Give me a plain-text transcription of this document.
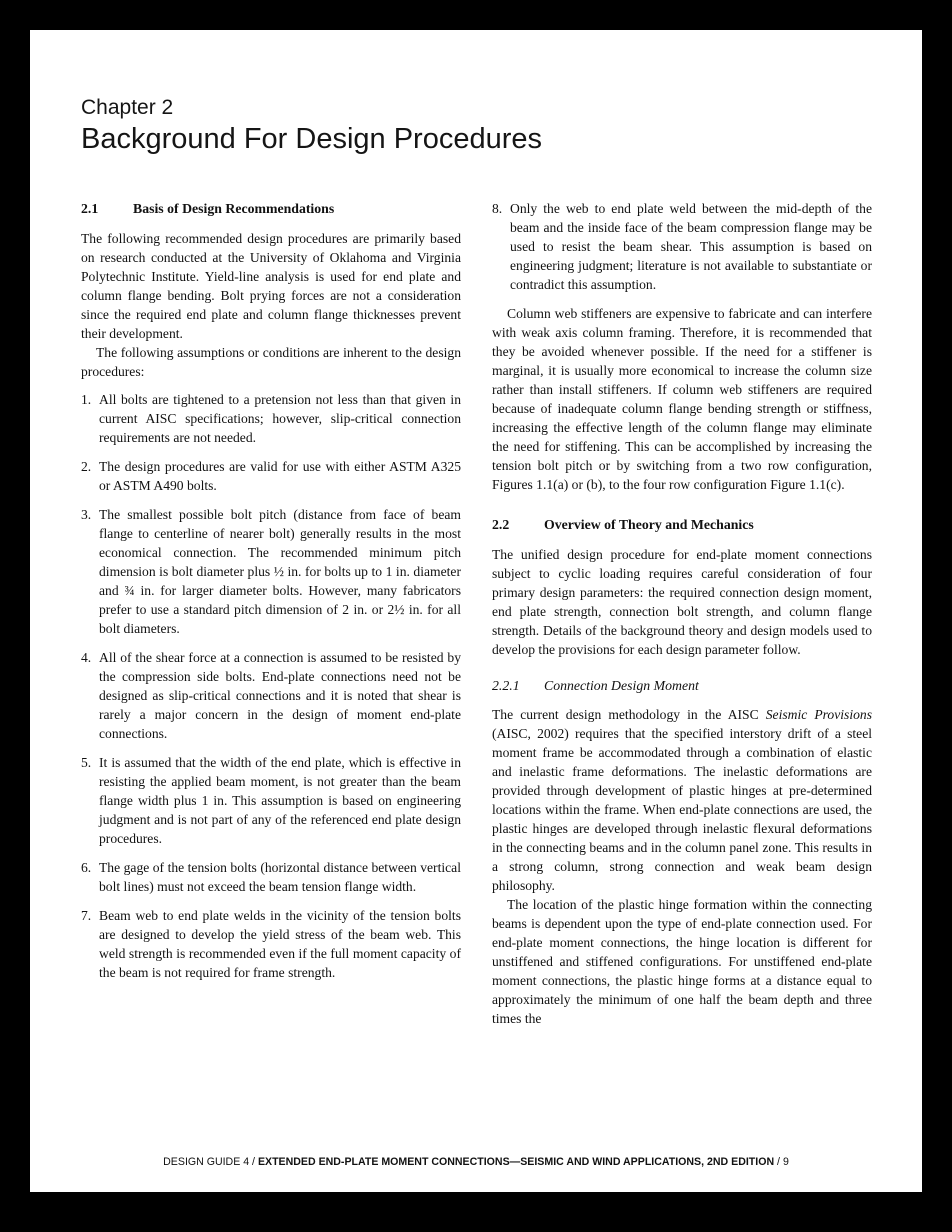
Chapter 2
Background For Design Procedures
2.1	Basis of Design Recommendations

The following recommended design procedures are primarily based on research conducted at the University of Oklahoma and Virginia Polytechnic Institute. Yield-line analysis is used for end plate and column flange bending. Bolt prying forces are not a consideration since the required end plate and column flange thicknesses prevent their development.

The following assumptions or conditions are inherent to the design procedures:

1. All bolts are tightened to a pretension not less than that given in current AISC specifications; however, slip-critical connection requirements are not needed.
2. The design procedures are valid for use with either ASTM A325 or ASTM A490 bolts.
3. The smallest possible bolt pitch (distance from face of beam flange to centerline of nearer bolt) generally results in the most economical connection. The recommended minimum pitch dimension is bolt diameter plus ½ in. for bolts up to 1 in. diameter and ¾ in. for larger diameter bolts. However, many fabricators prefer to use a standard pitch dimension of 2 in. or 2½ in. for all bolt diameters.
4. All of the shear force at a connection is assumed to be resisted by the compression side bolts. End-plate connections need not be designed as slip-critical connections and it is noted that shear is rarely a major concern in the design of moment end-plate connections.
5. It is assumed that the width of the end plate, which is effective in resisting the applied beam moment, is not greater than the beam flange width plus 1 in. This assumption is based on engineering judgment and is not part of any of the referenced end plate design procedures.
6. The gage of the tension bolts (horizontal distance between vertical bolt lines) must not exceed the beam tension flange width.
7. Beam web to end plate welds in the vicinity of the tension bolts are designed to develop the yield stress of the beam web. This weld strength is recommended even if the full moment capacity of the beam is not required for frame strength.
8. Only the web to end plate weld between the mid-depth of the beam and the inside face of the beam compression flange may be used to resist the beam shear. This assumption is based on engineering judgment; literature is not available to substantiate or contradict this assumption.

Column web stiffeners are expensive to fabricate and can interfere with weak axis column framing. Therefore, it is recommended that they be avoided whenever possible. If the need for a stiffener is marginal, it is usually more economical to increase the column size rather than install stiffeners. If column web stiffeners are required because of inadequate column flange bending strength or stiffness, increasing the effective length of the column flange may eliminate the need for stiffening. This can be accomplished by increasing the tension bolt pitch or by switching from a two row configuration, Figures 1.1(a) or (b), to the four row configuration Figure 1.1(c).

2.2	Overview of Theory and Mechanics

The unified design procedure for end-plate moment connections subject to cyclic loading requires careful consideration of four primary design parameters: the required connection design moment, end plate strength, connection bolt strength, and column flange strength. Details of the background theory and design models used to develop the provisions for each design parameter follow.

2.2.1 Connection Design Moment

The current design methodology in the AISC Seismic Provisions (AISC, 2002) requires that the specified interstory drift of a steel moment frame be accommodated through a combination of elastic and inelastic frame deformations. The inelastic deformations are provided through development of plastic hinges at pre-determined locations within the frame. When end-plate connections are used, the plastic hinges are developed through inelastic flexural deformations in the connecting beams and in the column panel zone. This results in a strong column, strong connection and weak beam design philosophy.

The location of the plastic hinge formation within the connecting beams is dependent upon the type of end-plate connection used. For end-plate moment connections, the hinge location is different for unstiffened and stiffened configurations. For unstiffened end-plate moment connections, the plastic hinge forms at a distance equal to approximately the minimum of one half the beam depth and three times the

DESIGN GUIDE 4 / EXTENDED END-PLATE MOMENT CONNECTIONS—SEISMIC AND WIND APPLICATIONS, 2ND EDITION / 9
